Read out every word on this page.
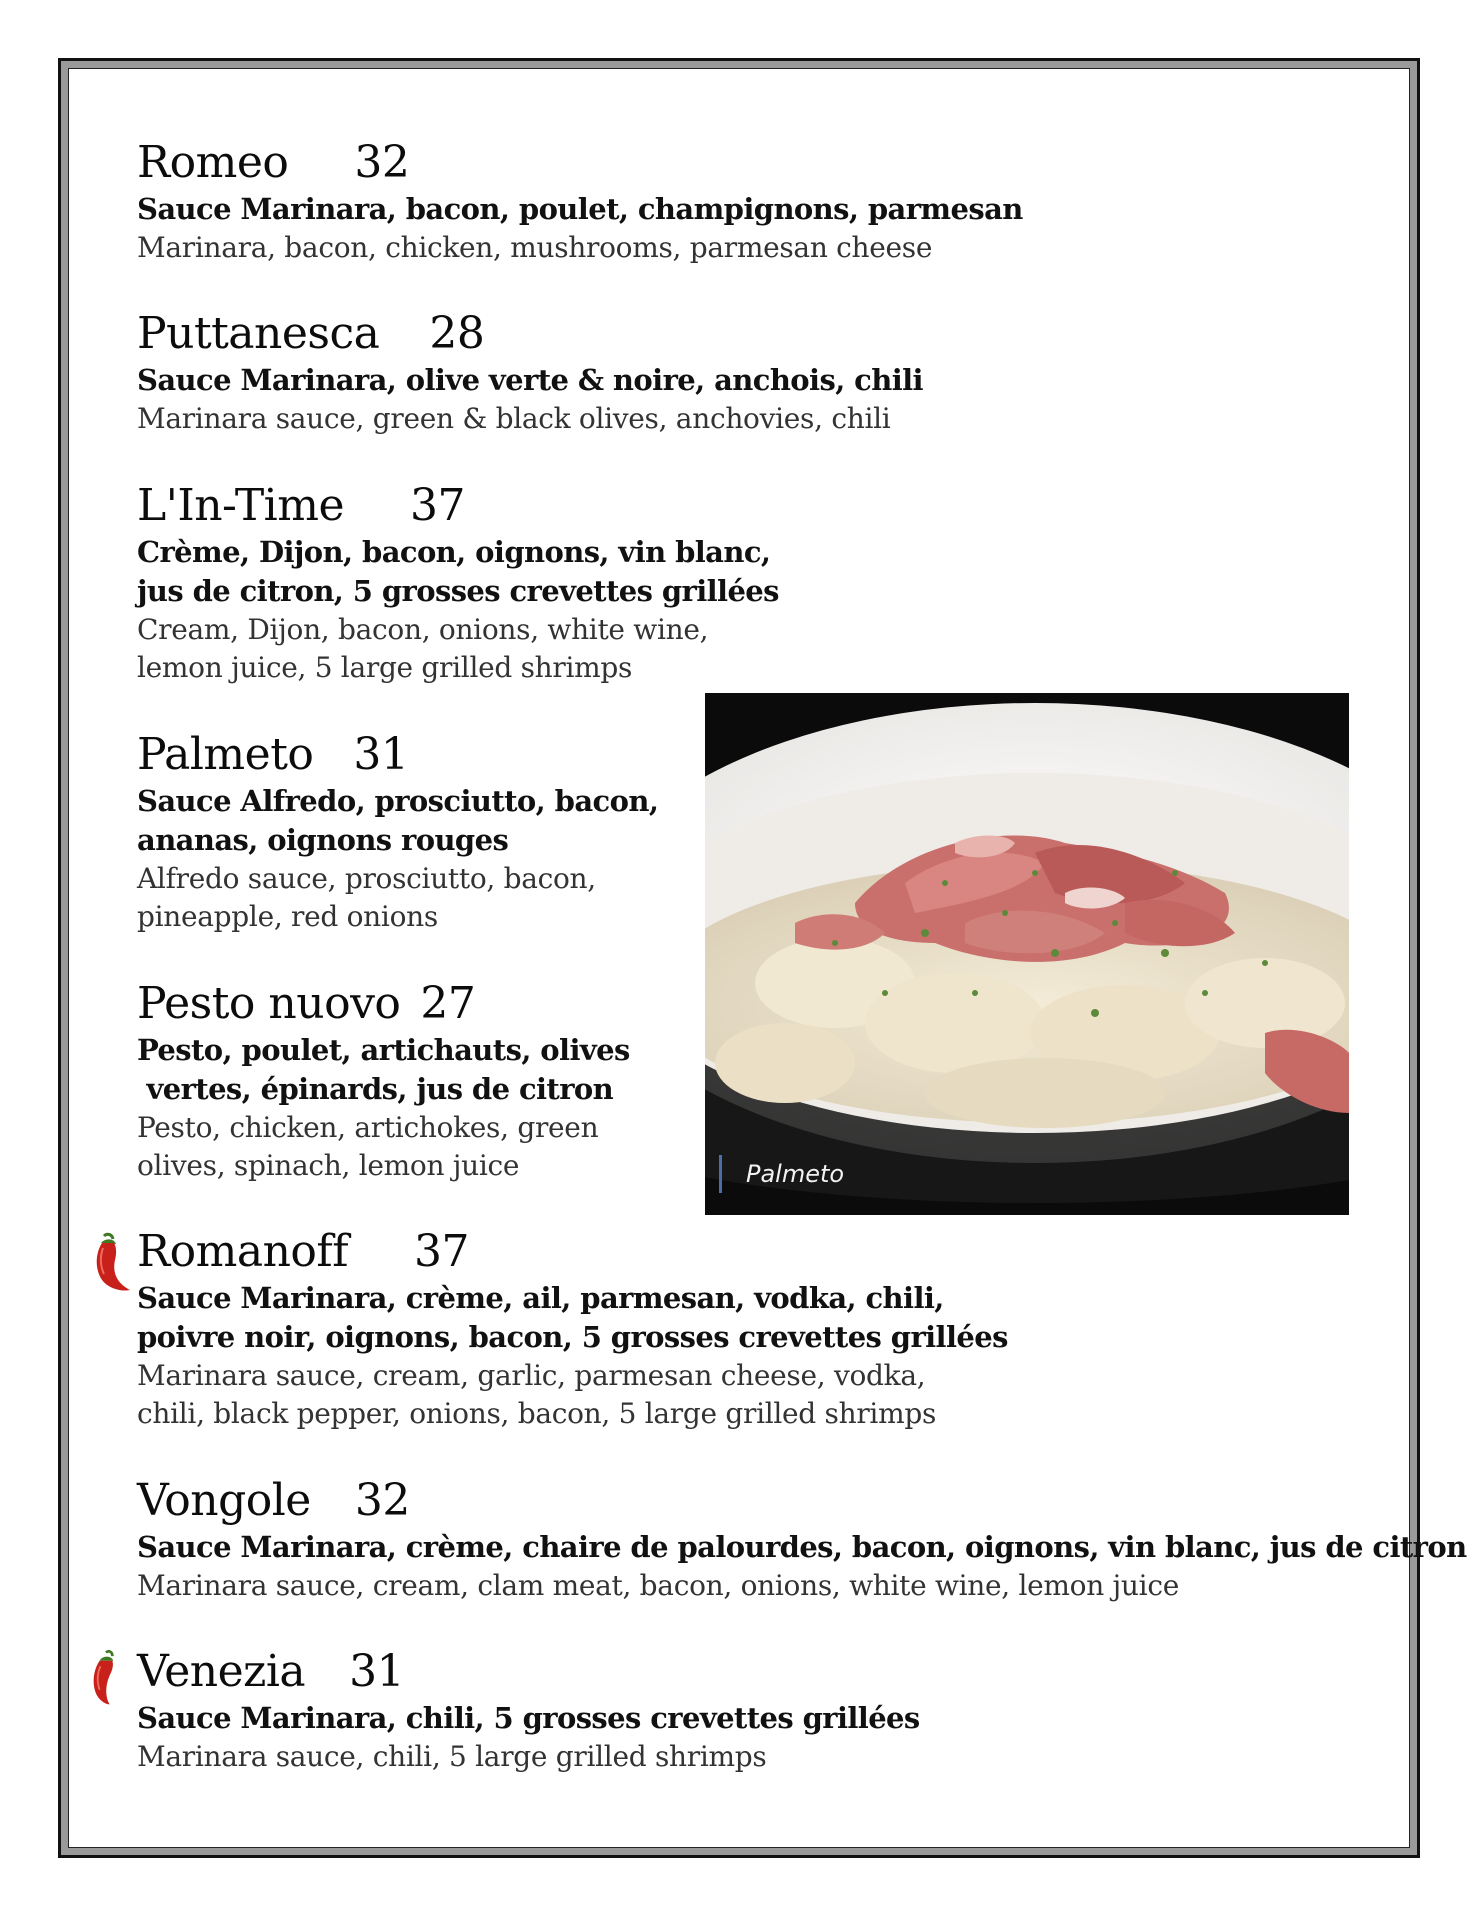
Romeo 32
Sauce Marinara, bacon, poulet, champignons, parmesan
Marinara, bacon, chicken, mushrooms, parmesan cheese
Puttanesca 28
Sauce Marinara, olive verte & noire, anchois, chili
Marinara sauce, green & black olives, anchovies, chili
L'In-Time 37
Crème, Dijon, bacon, oignons, vin blanc,
jus de citron, 5 grosses crevettes grillées
Cream, Dijon, bacon, onions, white wine,
lemon juice, 5 large grilled shrimps
Palmeto 31
Sauce Alfredo, prosciutto, bacon,
ananas, oignons rouges
Alfredo sauce, prosciutto, bacon,
pineapple, red onions
Pesto nuovo 27
Pesto, poulet, artichauts, olives
vertes, épinards, jus de citron
Pesto, chicken, artichokes, green
olives, spinach, lemon juice
Romanoff 37
Sauce Marinara, crème, ail, parmesan, vodka, chili,
poivre noir, oignons, bacon, 5 grosses crevettes grillées
Marinara sauce, cream, garlic, parmesan cheese, vodka,
chili, black pepper, onions, bacon, 5 large grilled shrimps
Vongole 32
Sauce Marinara, crème, chaire de palourdes, bacon, oignons, vin blanc, jus de citron
Marinara sauce, cream, clam meat, bacon, onions, white wine, lemon juice
Venezia 31
Sauce Marinara, chili, 5 grosses crevettes grillées
Marinara sauce, chili, 5 large grilled shrimps
Palmeto
